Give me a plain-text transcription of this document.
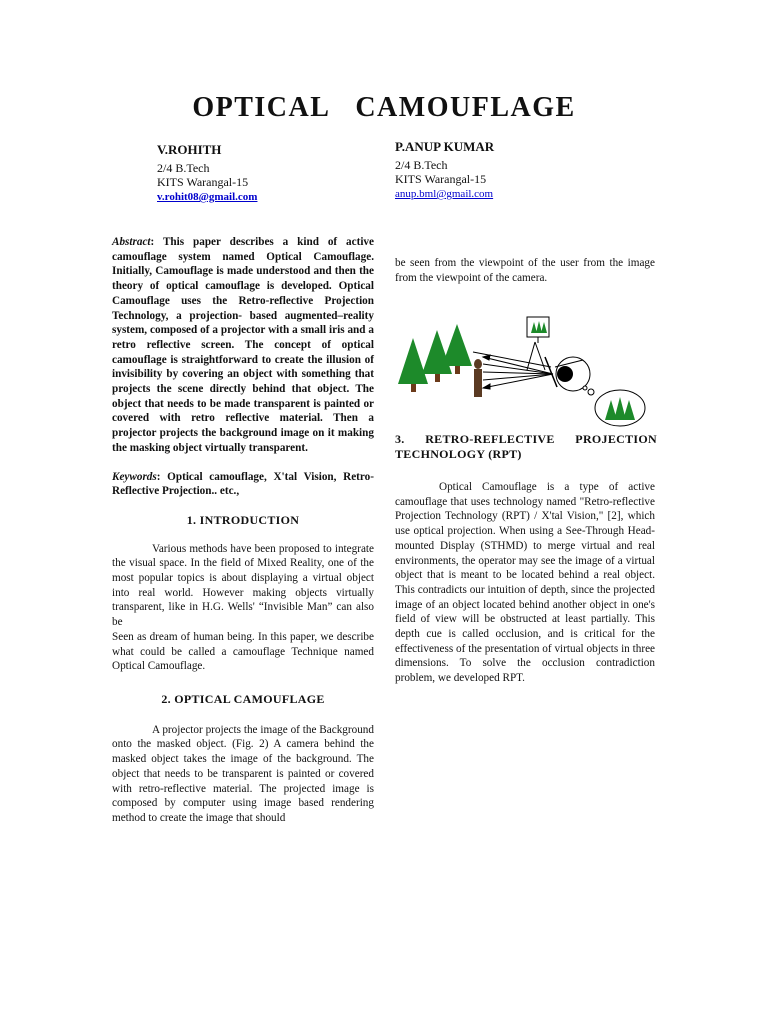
OPTICAL CAMOUFLAGE
V.ROHITH
2/4 B.Tech
KITS Warangal-15
v.rohit08@gmail.com
P.ANUP KUMAR
2/4 B.Tech
KITS Warangal-15
anup.bml@gmail.com

Abstract: This paper describes a kind of active camouflage system named Optical Camouflage. Initially, Camouflage is made understood and then the theory of optical camouflage is developed. Optical Camouflage uses the Retro-reflective Projection Technology, a projection- based augmented–reality system, composed of a projector with a small iris and a retro reflective screen. The concept of optical camouflage is straightforward to create the illusion of invisibility by covering an object with something that projects the scene directly behind that object. The object that needs to be made transparent is painted or covered with retro reflective material. Then a projector projects the background image on it making the masking object virtually transparent.

Keywords: Optical camouflage, X'tal Vision, Retro-Reflective Projection.. etc.,

1. INTRODUCTION

Various methods have been proposed to integrate the visual space. In the field of Mixed Reality, one of the most popular topics is about displaying a virtual object into real world. However making objects virtually transparent, like in H.G. Wells' “Invisible Man” can also be

Seen as dream of human being. In this paper, we describe what could be called a camouflage Technique named Optical Camouflage.

2. OPTICAL CAMOUFLAGE

A projector projects the image of the Background onto the masked object. (Fig. 2) A camera behind the masked object takes the image of the background. The object that needs to be transparent is painted or covered with retro-reflective material. The projected image is composed by computer using image based rendering method to create the image that should

be seen from the viewpoint of the user from the image from the viewpoint of the camera.
3. RETRO-REFLECTIVE PROJECTION TECHNOLOGY (RPT)
Optical Camouflage is a type of active camouflage that uses technology named "Retro-reflective Projection Technology (RPT) / X'tal Vision," [2], which use optical projection. When using a See-Through Head-mounted Display (STHMD) to merge virtual and real environments, the operator may see the image of a virtual object that is meant to be located behind a real object. This contradicts our intuition of depth, since the projected image of an object located behind another object in one's field of view will be obstructed at least partially. This depth cue is called occlusion, and is critical for the effectiveness of the presentation of virtual objects in three dimensions. To solve the occlusion contradiction problem, we developed RPT.
